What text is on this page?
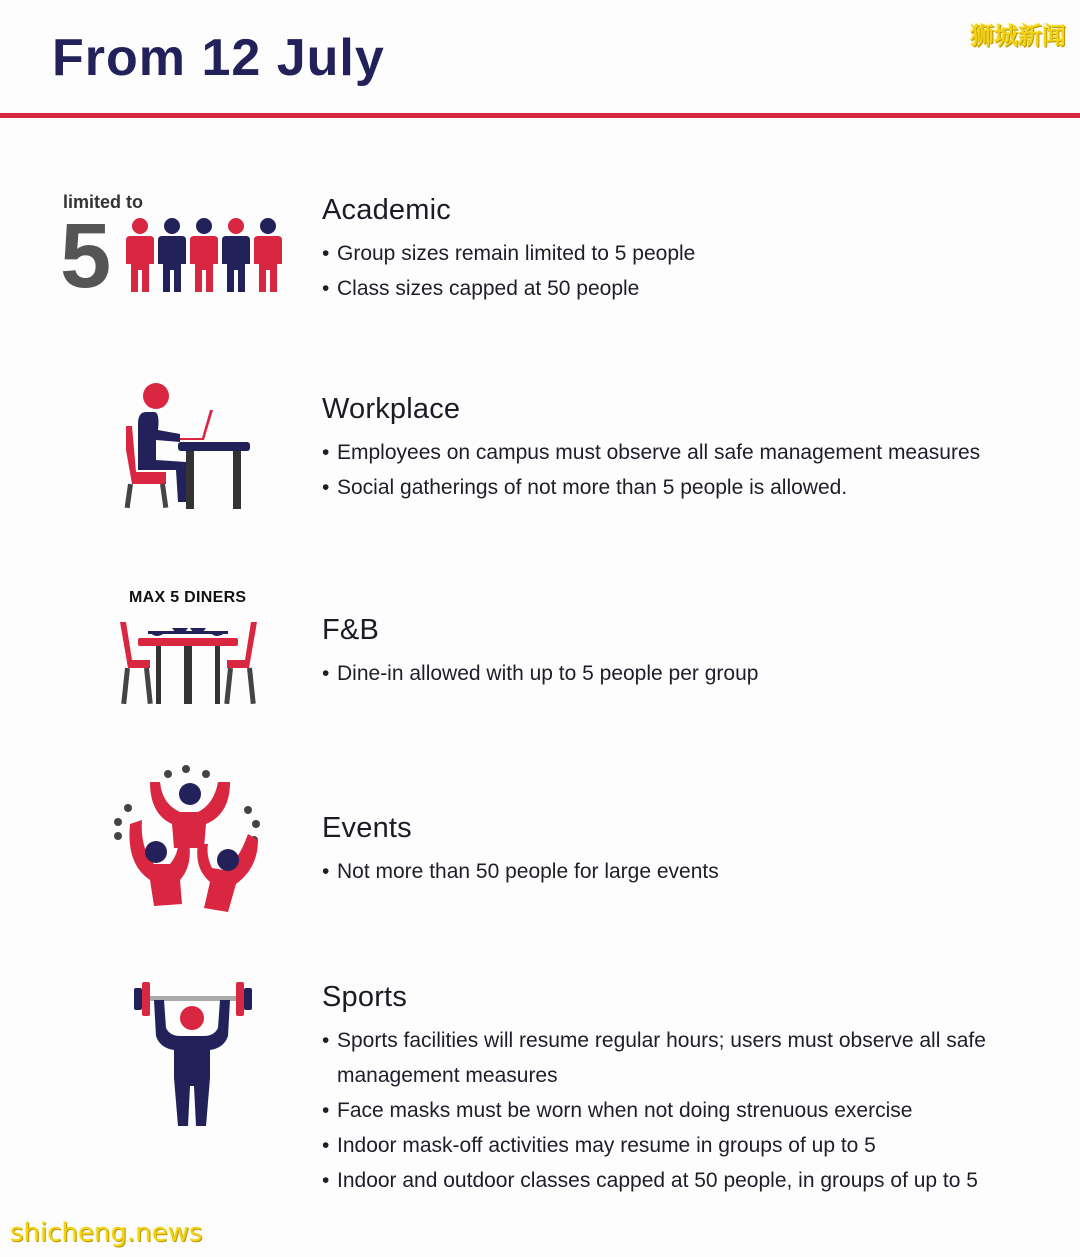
From 12 July	狮城新闻
limited to
5	Academic
• Group sizes remain limited to 5 people
• Class sizes capped at 50 people
Workplace
• Employees on campus must observe all safe management measures
• Social gatherings of not more than 5 people is allowed.
MAX 5 DINERS
F&B
• Dine-in allowed with up to 5 people per group
Events
• Not more than 50 people for large events
Sports
• Sports facilities will resume regular hours; users must observe all safe management measures
• Face masks must be worn when not doing strenuous exercise
• Indoor mask-off activities may resume in groups of up to 5
• Indoor and outdoor classes capped at 50 people, in groups of up to 5
shicheng.news
